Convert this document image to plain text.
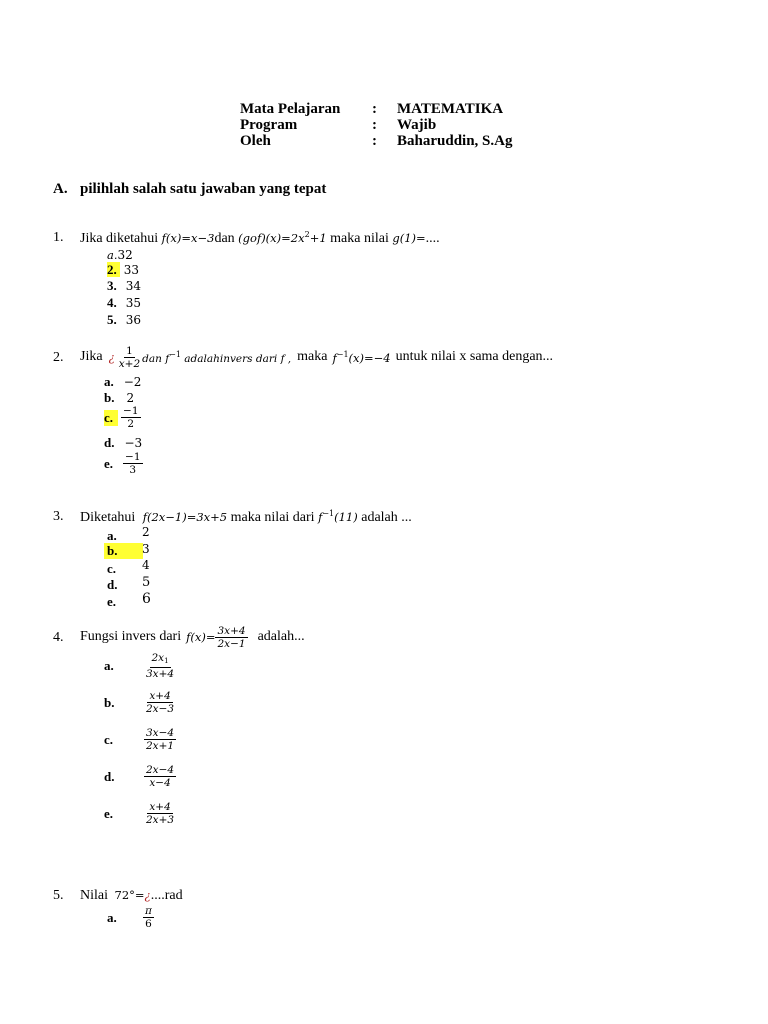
Mata Pelajaran : MATEMATIKA
Program	: Wajib
Oleh	: Baharuddin, S.Ag
A. pilihlah salah satu jawaban yang tepat
1. Jika diketahui f(x)=x−3dan $(gof)(x)=2x^2+1$ maka nilai g(1)=....
a.32
2. 33
3. 34
4. 35
5. 36
2. Jika ¿ $\frac{1}{x+2}$ dan $f^{-1}$ adalahinvers dari f , maka $f^{-1}(x)=-4$ untuk nilai x sama dengan...
a. −2
b. 2
c. $\frac{-1}{2}$
d. −3
e. $\frac{-1}{3}$
3. Diketahui f(2x−1)=3x+5 maka nilai dari $f^{-1}(11)$ adalah ...
a. 2
b. 3
c. 4
d. 5
e. 6
4. Fungsi invers dari $f(x)= \frac{3x+4}{2x-1}$ adalah...
a.	$\frac{2x_1}{3x+4}$
b.	$\frac{x+4}{2x-3}$
c.	$\frac{3x-4}{2x+1}$
d.	$\frac{2x-4}{x-4}$
e.	$\frac{x+4}{2x+3}$
5. Nilai 72°=¿....rad
a.	$\frac{\pi}{6}$
